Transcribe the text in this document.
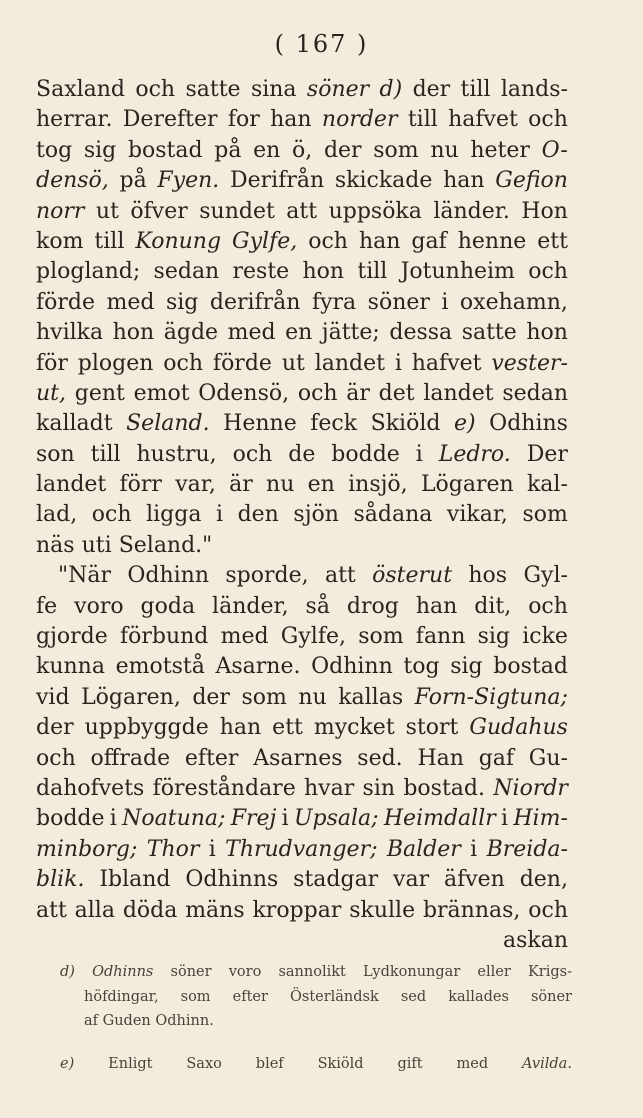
( 167 )
Saxland och satte sina söner d) der till lands-
herrar. Derefter for han norder till hafvet och
tog sig bostad på en ö, der som nu heter O-
densö, på Fyen. Derifrån skickade han Gefion
norr ut öfver sundet att uppsöka länder. Hon
kom till Konung Gylfe, och han gaf henne ett
plogland; sedan reste hon till Jotunheim och
förde med sig derifrån fyra söner i oxehamn,
hvilka hon ägde med en jätte; dessa satte hon
för plogen och förde ut landet i hafvet vester-
ut, gent emot Odensö, och är det landet sedan
kalladt Seland. Henne feck Skiöld e) Odhins
son till hustru, och de bodde i Ledro. Der
landet förr var, är nu en insjö, Lögaren kal-
lad, och ligga i den sjön sådana vikar, som
näs uti Seland."
"När Odhinn sporde, att österut hos Gyl-
fe voro goda länder, så drog han dit, och
gjorde förbund med Gylfe, som fann sig icke
kunna emotstå Asarne. Odhinn tog sig bostad
vid Lögaren, der som nu kallas Forn-Sigtuna;
der uppbyggde han ett mycket stort Gudahus
och offrade efter Asarnes sed. Han gaf Gu-
dahofvets föreståndare hvar sin bostad. Niordr
bodde i Noatuna; Frej i Upsala; Heimdallr i Him-
minborg; Thor i Thrudvanger; Balder i Breida-
blik. Ibland Odhinns stadgar var äfven den,
att alla döda mäns kroppar skulle brännas, och
askan
d) Odhinns söner voro sannolikt Lydkonungar eller Krigs-
höfdingar, som efter Österländsk sed kallades söner
af Guden Odhinn.
e) Enligt Saxo blef Skiöld gift med Avilda.
